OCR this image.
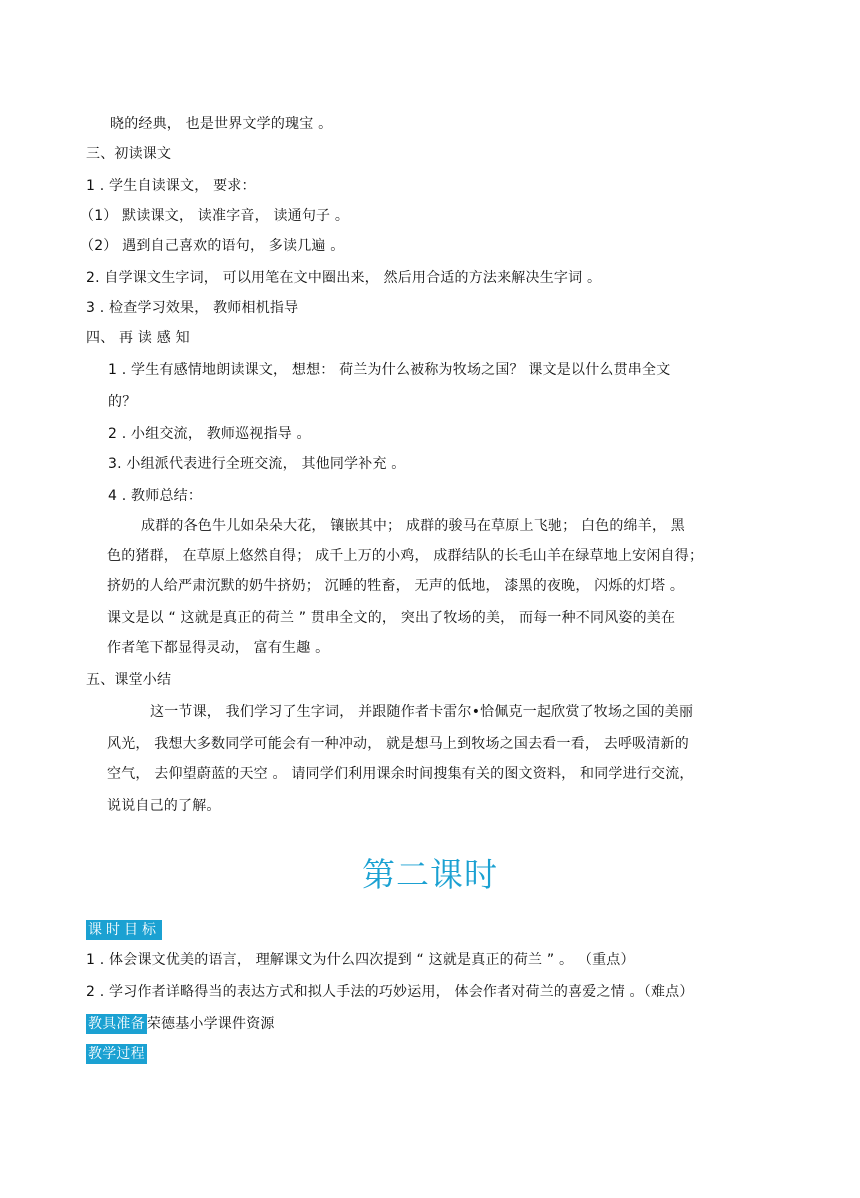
晓的经典， 也是世界文学的瑰宝 。
三、初读课文
1 . 学生自读课文， 要求：
（1） 默读课文， 读准字音， 读通句子 。
（2） 遇到自己喜欢的语句， 多读几遍 。
2. 自学课文生字词， 可以用笔在文中圈出来， 然后用合适的方法来解决生字词 。
3 . 检查学习效果， 教师相机指导
四、 再 读 感 知
1 . 学生有感情地朗读课文， 想想： 荷兰为什么被称为牧场之国？ 课文是以什么贯串全文
的？
2 . 小组交流， 教师巡视指导 。
3. 小组派代表进行全班交流， 其他同学补充 。
4 . 教师总结：
成群的各色牛儿如朵朵大花， 镶嵌其中； 成群的骏马在草原上飞驰； 白色的绵羊， 黑
色的猪群， 在草原上悠然自得； 成千上万的小鸡， 成群结队的长毛山羊在绿草地上安闲自得；
挤奶的人给严肃沉默的奶牛挤奶； 沉睡的牲畜， 无声的低地， 漆黑的夜晚， 闪烁的灯塔 。
课文是以 “ 这就是真正的荷兰 ” 贯串全文的， 突出了牧场的美， 而每一种不同风姿的美在
作者笔下都显得灵动， 富有生趣 。
五、课堂小结
这一节课， 我们学习了生字词， 并跟随作者卡雷尔•恰佩克一起欣赏了牧场之国的美丽
风光， 我想大多数同学可能会有一种冲动， 就是想马上到牧场之国去看一看， 去呼吸清新的
空气， 去仰望蔚蓝的天空 。 请同学们利用课余时间搜集有关的图文资料， 和同学进行交流，
说说自己的了解。
第二课时
课时目标
1 . 体会课文优美的语言， 理解课文为什么四次提到 “ 这就是真正的荷兰 ” 。 （重点）
2 . 学习作者详略得当的表达方式和拟人手法的巧妙运用， 体会作者对荷兰的喜爱之情 。（难点）
教具准备 荣德基小学课件资源
教学过程
